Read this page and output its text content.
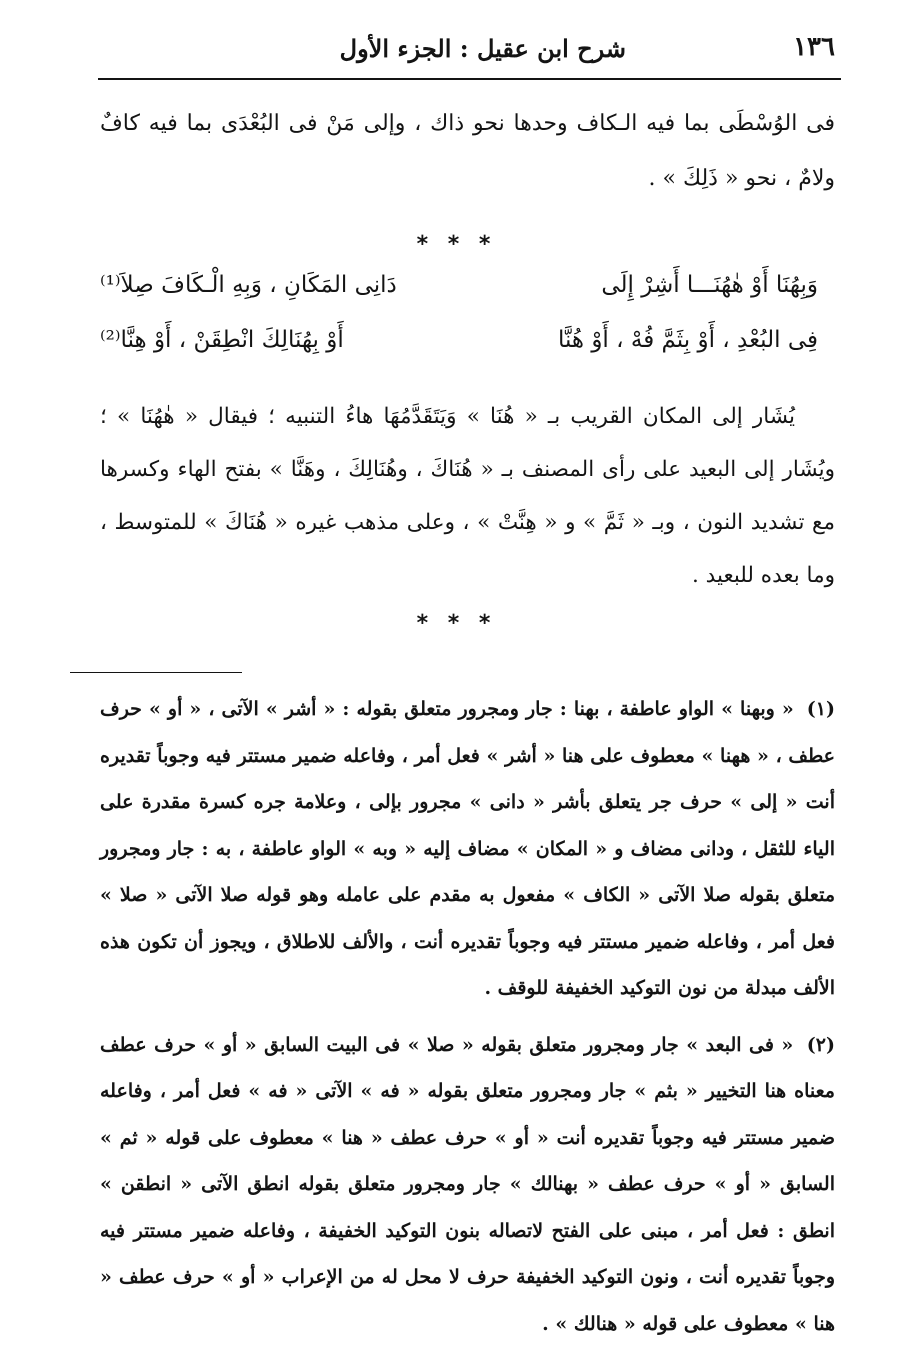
شرح ابن عقيل : الجزء الأول	١٣٦

فى الوُسْطَى بما فيه الـكاف وحدها نحو ذاك ، وإلى مَنْ فى البُعْدَى بما فيه كافٌ ولامٌ ، نحو « ذَلِكَ » .

* * *
وَبِهُنَا أَوْ هٰهُنَـــا أَشِرْ إِلَى
دَانِى المَكَانِ ، وَبِهِ الْـكَافَ صِلاَ⁽¹⁾
فِى البُعْدِ ، أَوْ بِثَمَّ فُهْ ، أَوْ هُنَّا
أَوْ بِهُنَالِكَ انْطِقَنْ ، أَوْ هِنَّا⁽²⁾

يُشَار إلى المكان القريب بـ « هُنَا » وَيَتَقَدَّمُهَا هاءُ التنبيه ؛ فيقال « هٰهُنَا » ؛ ويُشَار إلى البعيد على رأى المصنف بـ « هُنَاكَ ، وهُنَالِكَ ، وهَنَّا » بفتح الهاء وكسرها مع تشديد النون ، وبـ « ثَمَّ » و « هِنَّتْ » ، وعلى مذهب غيره « هُنَاكَ » للمتوسط ، وما بعده للبعيد .

* * *

(١) « وبهنا » الواو عاطفة ، بهنا : جار ومجرور متعلق بقوله : « أشر » الآتى ، « أو » حرف عطف ، « ههنا » معطوف على هنا « أشر » فعل أمر ، وفاعله ضمير مستتر فيه وجوباً تقديره أنت « إلى » حرف جر يتعلق بأشر « دانى » مجرور بإلى ، وعلامة جره كسرة مقدرة على الياء للثقل ، ودانى مضاف و « المكان » مضاف إليه « وبه » الواو عاطفة ، به : جار ومجرور متعلق بقوله صلا الآتى « الكاف » مفعول به مقدم على عامله وهو قوله صلا الآتى « صلا » فعل أمر ، وفاعله ضمير مستتر فيه وجوباً تقديره أنت ، والألف للاطلاق ، ويجوز أن تكون هذه الألف مبدلة من نون التوكيد الخفيفة للوقف .

(٢) « فى البعد » جار ومجرور متعلق بقوله « صلا » فى البيت السابق « أو » حرف عطف معناه هنا التخيير « بثم » جار ومجرور متعلق بقوله « فه » الآتى « فه » فعل أمر ، وفاعله ضمير مستتر فيه وجوباً تقديره أنت « أو » حرف عطف « هنا » معطوف على قوله « ثم » السابق « أو » حرف عطف « بهنالك » جار ومجرور متعلق بقوله انطق الآتى « انطقن » انطق : فعل أمر ، مبنى على الفتح لاتصاله بنون التوكيد الخفيفة ، وفاعله ضمير مستتر فيه وجوباً تقديره أنت ، ونون التوكيد الخفيفة حرف لا محل له من الإعراب « أو » حرف عطف « هنا » معطوف على قوله « هنالك » .
